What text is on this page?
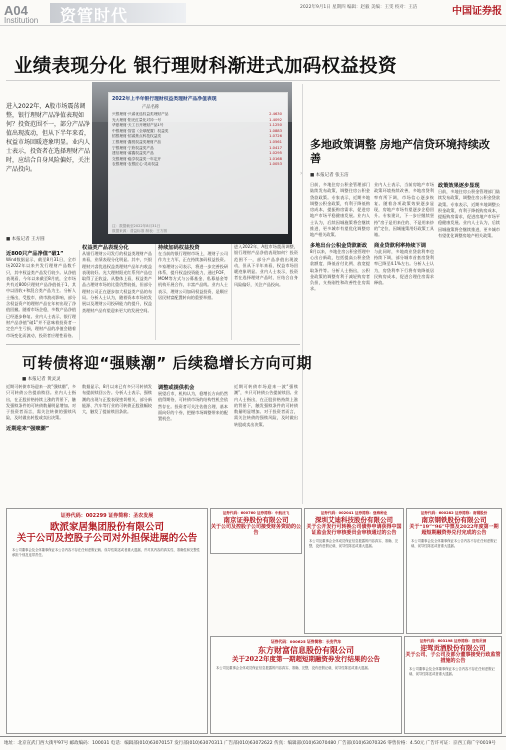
A04
Institution 资管时代	2022年9月1日 星期四 编辑：赵毅 美编：王雯 校对：王洁	中国证券报
业绩表现分化 银行理财科渐进式加码权益投资
进入2022年，A股市场震荡调整，银行理财产品净值表现如何？投资范围不一，部分产品净值出现波动，但从下半年来看，权益市场回暖迹象明显。业内人士表示，投资者在选择理财产品时，应结合自身风险偏好，关注产品投向。
■ 本报记者 王方圆
2022年上半年银行理财权益类理财产品净值表现
产品名称
兴银理财·兴睿优选权益类理财产品	2.4630
光大理财·阳光红量化对冲一号	1.4092
华夏理财·天工日开理财产品1号	1.1250
中银理财·智富（全球配置）权益类	1.0883
招银理财·招睿焦点科技权益类	1.0726
工银理财·鑫悦权益类理财产品	1.0561
宁银理财·宁欣权益类产品	1.0417
建信理财·睿鑫权益类产品	1.0295
交银理财·稳享权益类一年定开	1.0168
农银理财·农银匠心·灵动权益	1.0053
注：数据截至2022年8月31日
数据来源：普益标准 制表：王方圆
近800只产品净值“破1”
Wind数据显示，截至8月31日，全市场2022年以来共发行理财产品数千只，其中权益类产品发行较少。从净值表现看，今年以来截至8月底，全市场共有近800只理财产品净值低于1，其中以固收+和混合类产品为主。分析人士指出，受股市、债市波动影响，部分含权益资产的理财产品在年初出现了净值回撤。随着市场企稳，多数产品净值已经逐步修复。业内人士表示，银行理财产品净值“破1”并不意味着投资者一定会产生亏损，理财产品的净值会随着市场变化而波动，投资者应理性看待。
权益类产品表现分化
从银行理财公司发行的权益类理财产品来看，业绩表现分化明显。其中，兴银理财兴睿优选权益类理财产品年内收益表现较好。光大理财阳光红系列产品也取得了正收益。从整体上看，权益类产品占理财市场的比重仍然较低，但部分理财公司正在逐步加大权益类产品的布局。分析人士认为，随着资本市场的发展以及理财公司投研能力的提升，权益类理财产品有望迎来更大的发展空间。
持续加码权益投资
在当前的银行理财市场上，理财子公司作为主力军，正在持续加码权益投资。多家理财公司表示，将进一步完善投研体系，提升权益投资能力，通过FOF、MOM等方式与公募基金、私募基金等机构开展合作，丰富产品线。业内人士表示，理财公司加码权益投资，是顺应居民财富配置转向的重要举措。
进入2022年，A股市场震荡调整，银行理财产品净值表现如何？投资范围不一，部分产品净值出现波动，但从下半年来看，权益市场回暖迹象明显。业内人士表示，投资者在选择理财产品时，应结合自身风险偏好，关注产品投向。
多地政策调整 房地产信贷环境持续改善
› ■ 本报记者 张玉洁
日前，多地住房公积金管理部门陆续发布政策，调整住房公积金贷款政策。专家表示，近期多地调整公积金政策，有利于降低购房成本，提振购房需求，促进房地产市场平稳健康发展。业内人士认为，后续因城施策将会继续推进，更多城市有望优化调整房地产相关政策。
多地出台公积金贷款新政
8月以来，多地住房公积金管理中心出台新政，包括提高公积金贷款额度、降低首付比例、放宽提取条件等。分析人士指出，公积金政策的调整有利于减轻购房者负担，支持刚性和改善性住房需求。
业内人士表示，当前房地产市场政策环境持续改善，多地房贷利率有所下调，市场信心逐步恢复。随着各项政策效果逐步显现，房地产市场有望逐步企稳回升。专家建议，下一步应继续坚持“房子是用来住的、不是用来炒的”定位，因城施策用好政策工具箱。
商业贷款利率持续下调
与此同时，多地商业贷款利率也持续下调，部分城市首套房贷利率已降至4.1%左右。分析人士认为，房贷利率下行将有效降低居民购房成本，促进合理住房需求释放。
政策效果逐步显现
日前，多地住房公积金管理部门陆续发布政策，调整住房公积金贷款政策。专家表示，近期多地调整公积金政策，有利于降低购房成本，提振购房需求，促进房地产市场平稳健康发展。业内人士认为，后续因城施策将会继续推进，更多城市有望优化调整房地产相关政策。
可转债将迎“强赎潮” 后续稳增长方向可期
■ 本报记者 黄灵灵
近期可转债市场迎来一波“强赎潮”，多只可转债公告提前赎回。业内人士指出，在正股价格持续上涨的背景下，触发强赎条件的可转债数量明显增加。对于投资者而言，需关注转债的强赎风险，及时做出转股或卖出决策。
近期迎来“强赎潮”
数据显示，8月以来已有多只可转债发布提前赎回公告。分析人士表示，强赎潮的出现与正股表现密切相关，部分新能源、汽车等行业的可转债正股涨幅较大，触发了提前赎回条款。
调整或提供机会
展望后市，机构认为，稳增长方向仍然值得期待，可转债市场的结构性机会依然存在。投资者可关注估值合理、基本面向好的个券，把握市场调整带来的配置机会。
近期可转债市场迎来一波“强赎潮”，多只可转债公告提前赎回。业内人士指出，在正股价格持续上涨的背景下，触发强赎条件的可转债数量明显增加。对于投资者而言，需关注转债的强赎风险，及时做出转股或卖出决策。
证券代码：002299 证券简称：圣农发展
欧派家居集团股份有限公司
关于公司及控股子公司对外担保进展的公告
本公司董事会及全体董事保证本公告内容不存在任何虚假记载、误导性陈述或者重大遗漏，并对其内容的真实性、准确性和完整性承担个别及连带责任。
证券代码：600760 证券简称：中航沈飞
南京证券股份有限公司
关于公司及控股子公司接受财务资助的公告
证券代码：002041 证券简称：登海种业
深圳艾迪科技股份有限公司
关于公开发行可转换公司债券申请获得中国证监会发行审核委员会审核通过的公告
本公司及董事会全体成员保证信息披露的内容真实、准确、完整，没有虚假记载、误导性陈述或重大遗漏。
证券代码：600282 证券简称：南钢股份
南京钢铁股份有限公司
关于“19”“96”中票及2022年度第一期超短期融资券兑付完成的公告
本公司董事会及全体董事保证本公告内容不存在任何虚假记载、误导性陈述或者重大遗漏。
证券代码：000625 证券简称：长安汽车
东方财富信息股份有限公司
关于2022年度第一期超短期融资券发行结果的公告
本公司及董事会全体成员保证信息披露的内容真实、准确、完整，没有虚假记载、误导性陈述或重大遗漏。
证券代码：603198 证券简称：迎驾贡酒
迎驾贡酒股份有限公司
关于公司、子公司及部分董事接受行政监管措施的公告
本公司董事会及全体董事保证本公告内容不存在任何虚假记载、误导性陈述或者重大遗漏。
地址：北京宣武门西大街甲97号 邮政编码：100031 电话：编辑部(010)63070157 发行部(010)63070311 广告部(010)63072622 传真：编辑部(010)63070480 广告部(010)63070326 零售价格：4.50元 广告许可证：京西工商广字0019号
